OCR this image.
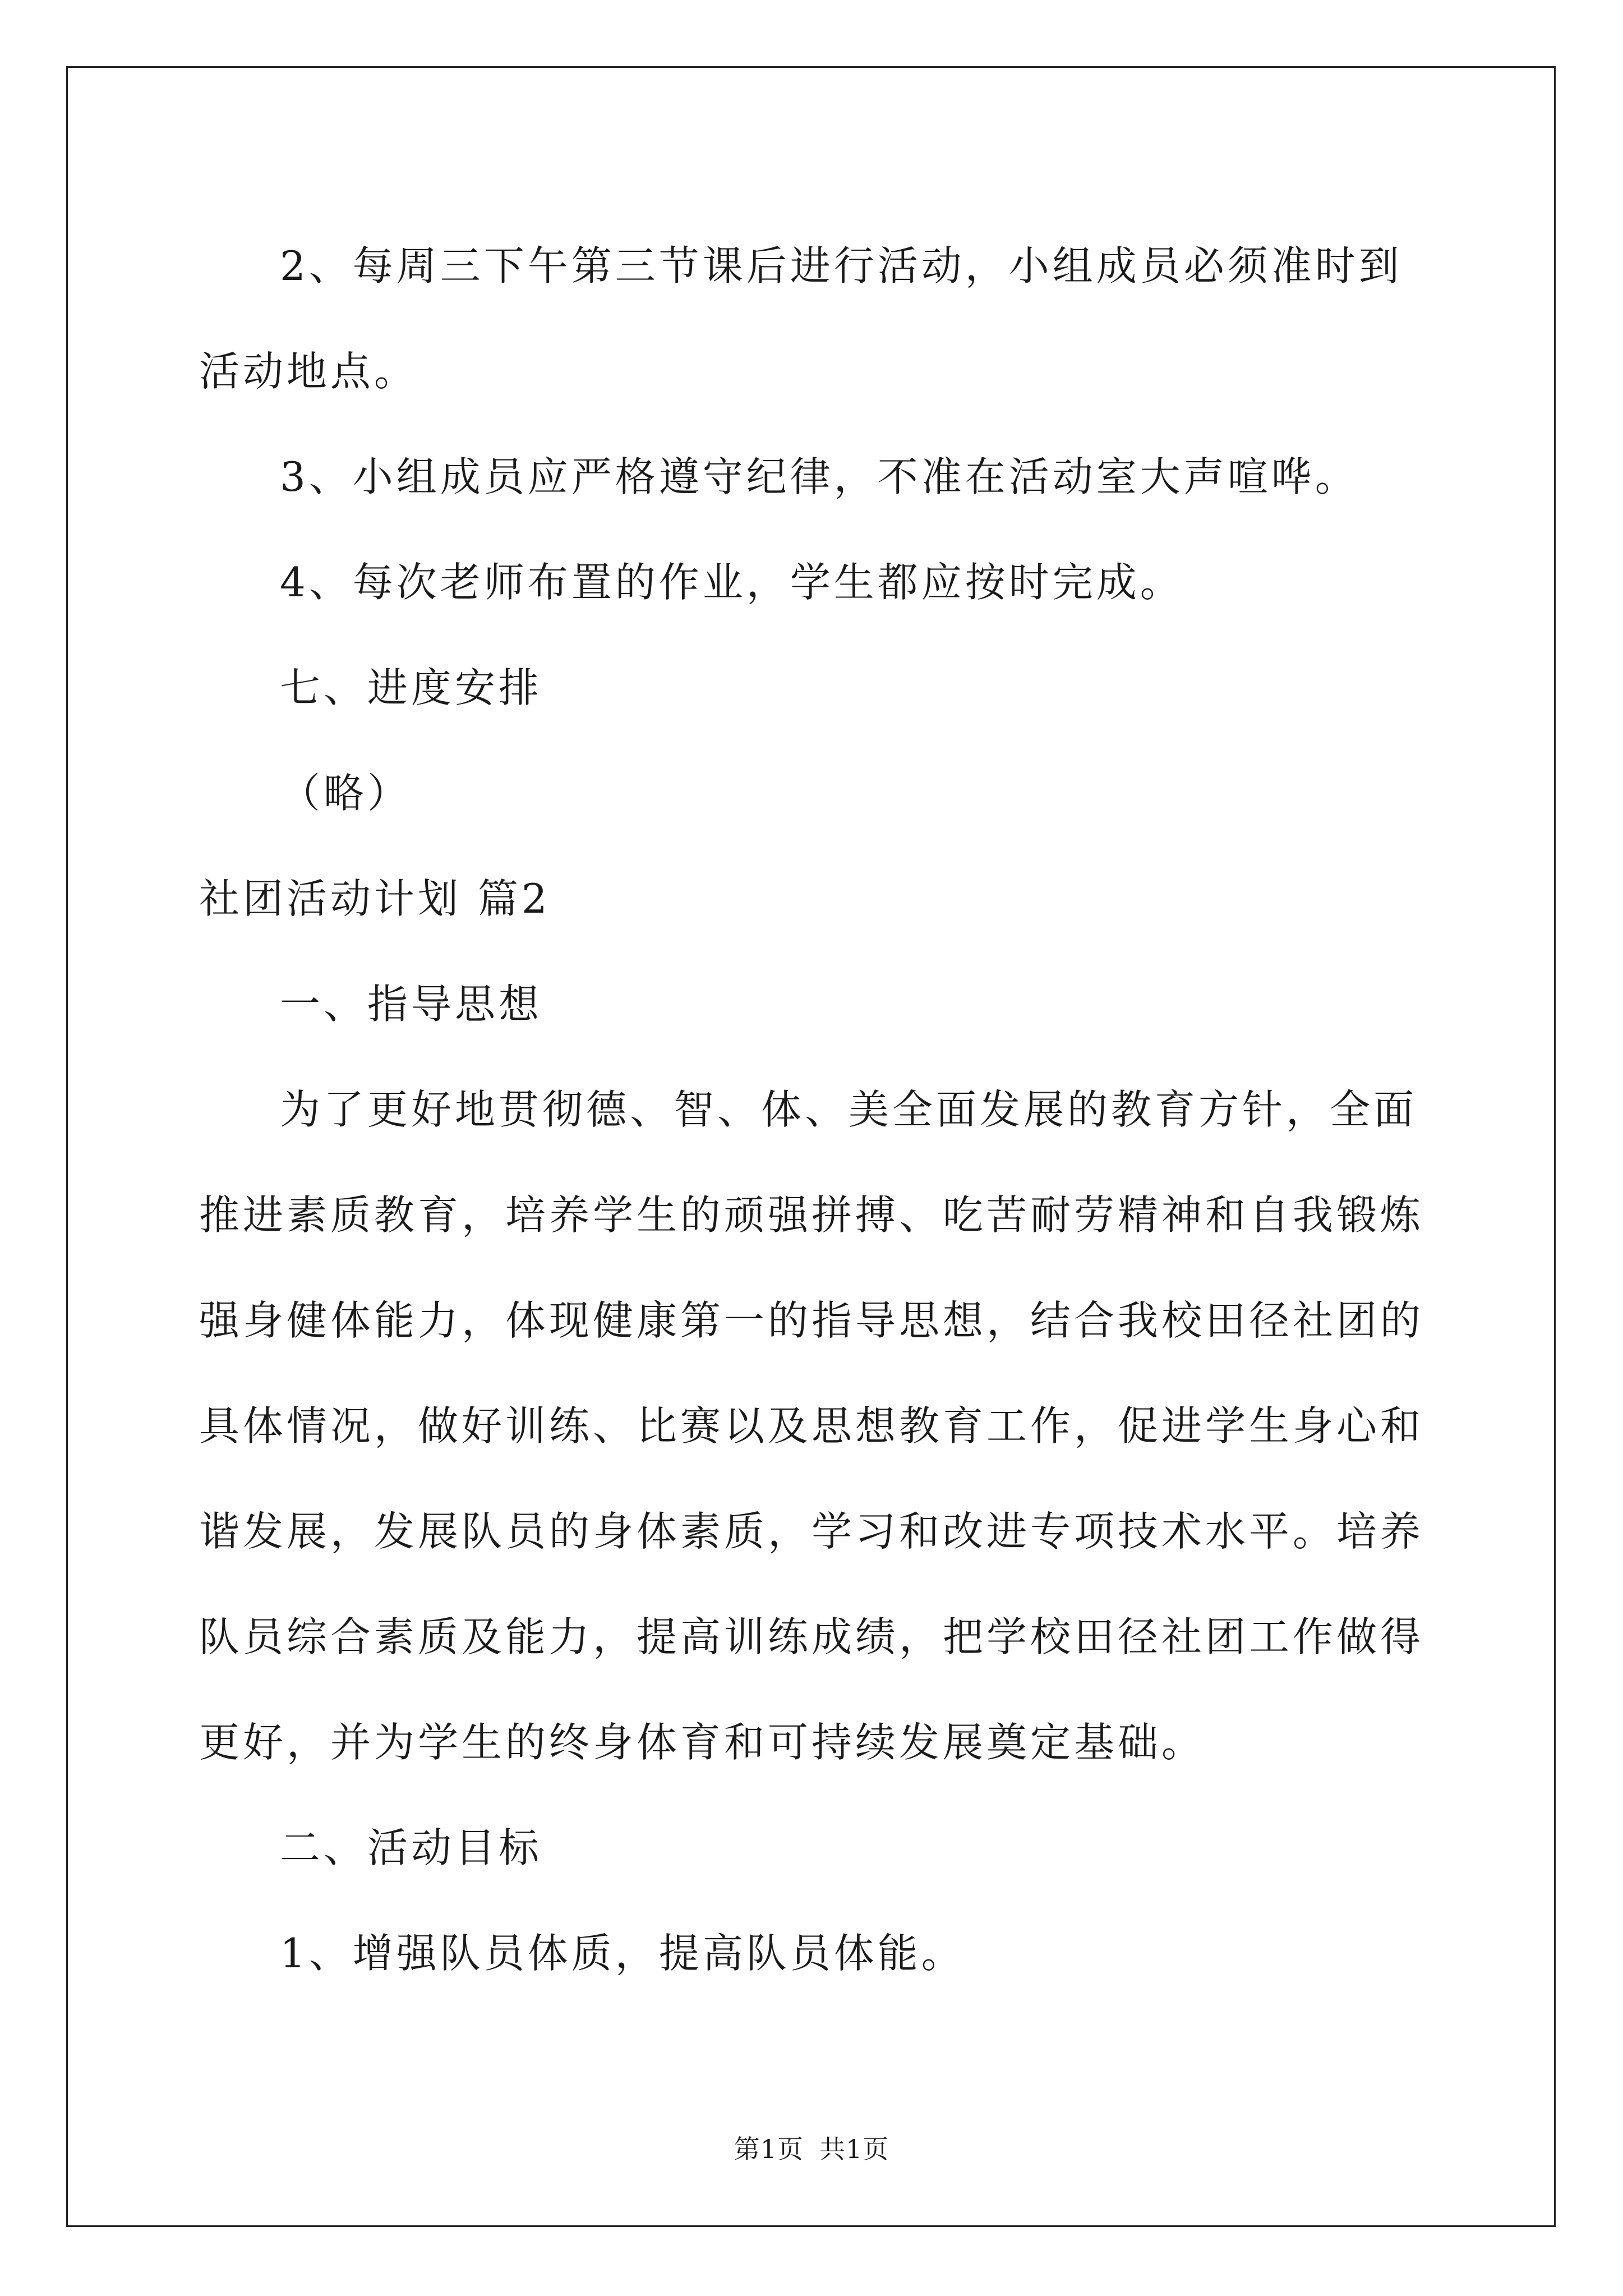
2、每周三下午第三节课后进行活动，小组成员必须准时到活动地点。

3、小组成员应严格遵守纪律，不准在活动室大声喧哗。

4、每次老师布置的作业，学生都应按时完成。

七、进度安排

（略）

社团活动计划 篇2

一、指导思想

为了更好地贯彻德、智、体、美全面发展的教育方针，全面推进素质教育，培养学生的顽强拼搏、吃苦耐劳精神和自我锻炼强身健体能力，体现健康第一的指导思想，结合我校田径社团的具体情况，做好训练、比赛以及思想教育工作，促进学生身心和谐发展，发展队员的身体素质，学习和改进专项技术水平。培养队员综合素质及能力，提高训练成绩，把学校田径社团工作做得更好，并为学生的终身体育和可持续发展奠定基础。

二、活动目标

1、增强队员体质，提高队员体能。

第1页 共1页
